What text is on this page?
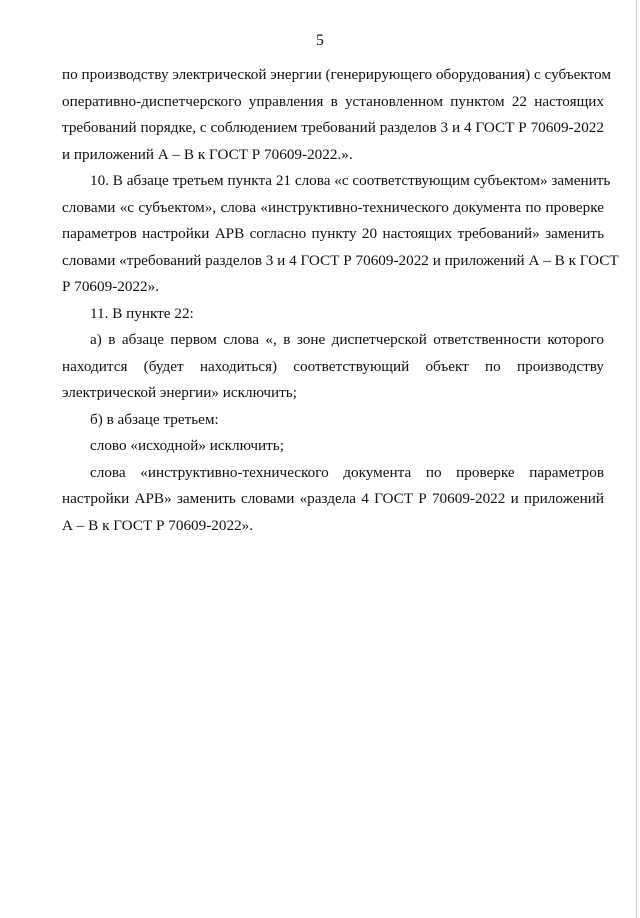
5
по производству электрической энергии (генерирующего оборудования) с субъектом
оперативно-диспетчерского управления в установленном пунктом 22 настоящих
требований порядке, с соблюдением требований разделов 3 и 4 ГОСТ Р 70609-2022
и приложений А – В к ГОСТ Р 70609-2022.».
10. В абзаце третьем пункта 21 слова «с соответствующим субъектом» заменить
словами «с субъектом», слова «инструктивно-технического документа по проверке
параметров настройки АРВ согласно пункту 20 настоящих требований» заменить
словами «требований разделов 3 и 4 ГОСТ Р 70609-2022 и приложений А – В к ГОСТ
Р 70609-2022».
11. В пункте 22:
а) в абзаце первом слова «, в зоне диспетчерской ответственности которого
находится (будет находиться) соответствующий объект по производству
электрической энергии» исключить;
б) в абзаце третьем:
слово «исходной» исключить;
слова «инструктивно-технического документа по проверке параметров
настройки АРВ» заменить словами «раздела 4 ГОСТ Р 70609-2022 и приложений
А – В к ГОСТ Р 70609-2022».
